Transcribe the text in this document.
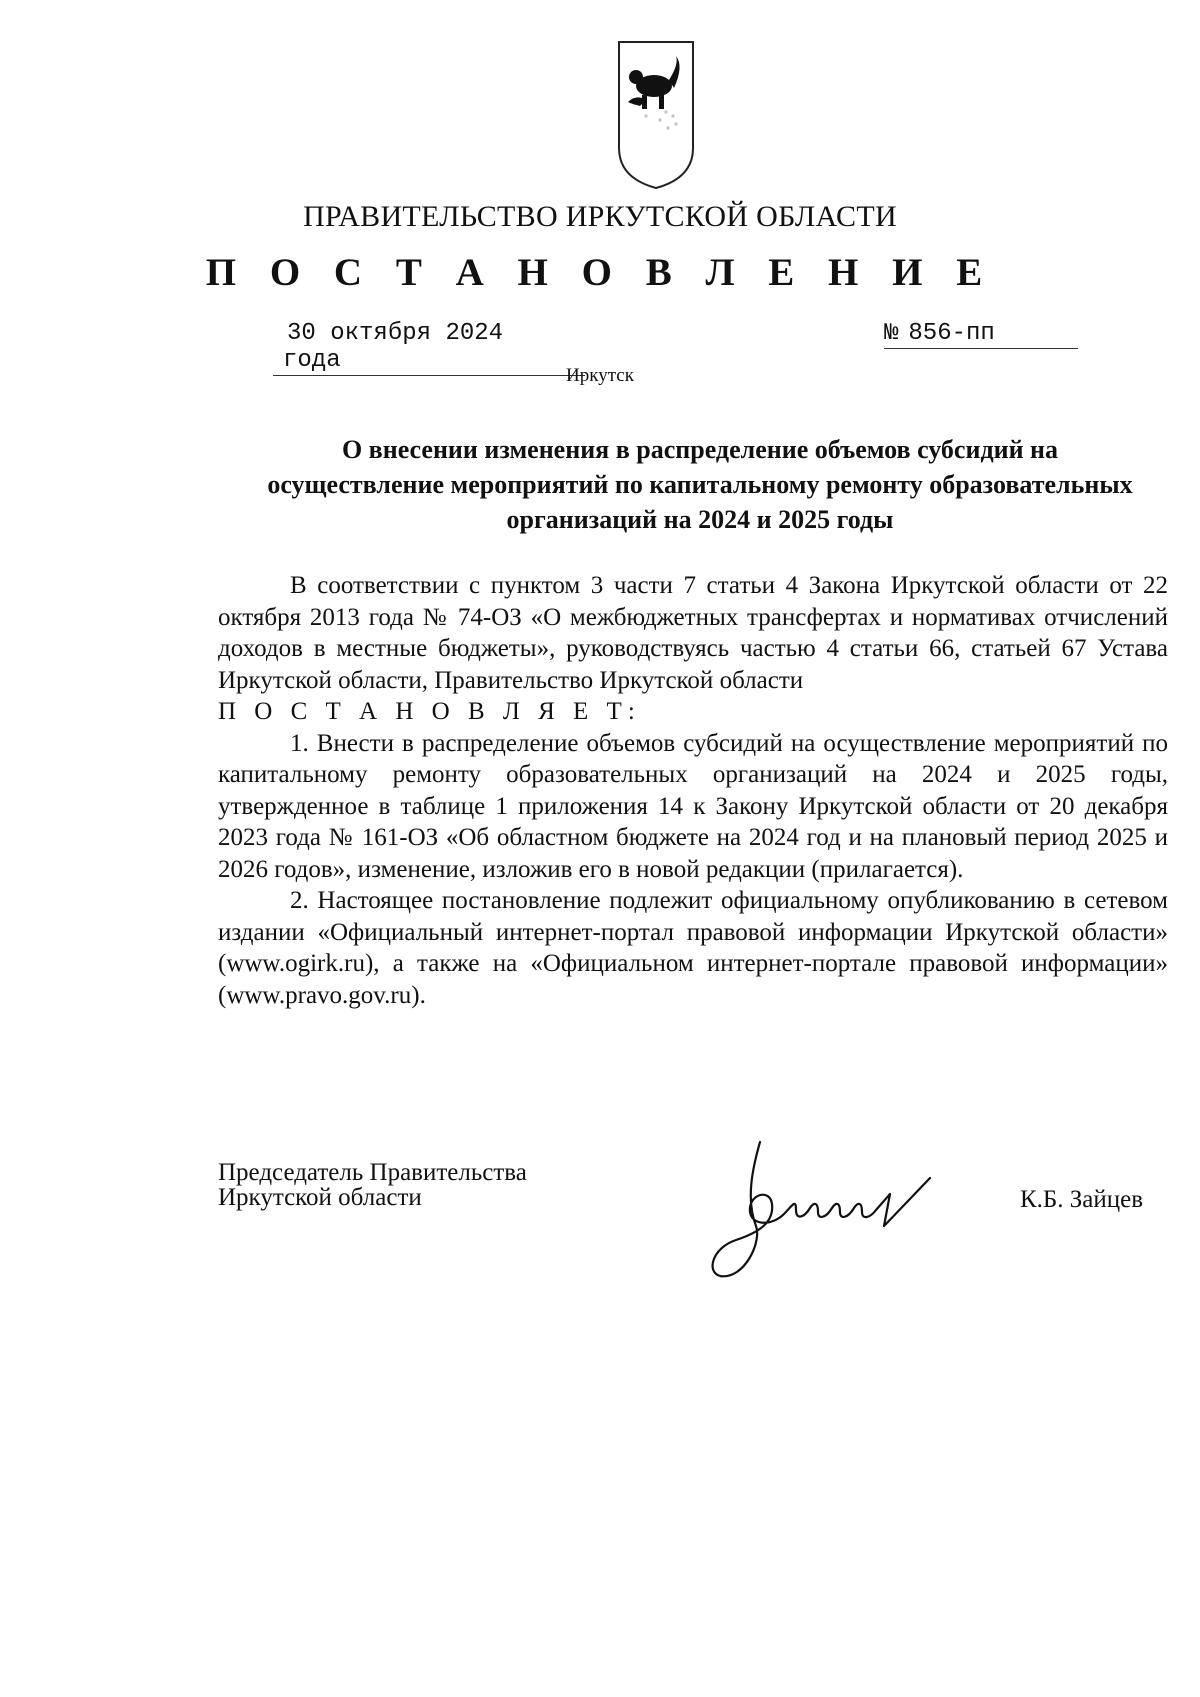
ПРАВИТЕЛЬСТВО ИРКУТСКОЙ ОБЛАСТИ
П О С Т А Н О В Л Е Н И Е
30 октября 2024 года
№ 856-пп
Иркутск
О внесении изменения в распределение объемов субсидий на
осуществление мероприятий по капитальному ремонту образовательных
организаций на 2024 и 2025 годы
В соответствии с пунктом 3 части 7 статьи 4 Закона Иркутской области от 22 октября 2013 года № 74-ОЗ «О межбюджетных трансфертах и нормативах отчислений доходов в местные бюджеты», руководствуясь частью 4 статьи 66, статьей 67 Устава Иркутской области, Правительство Иркутской области
П О С Т А Н О В Л Я Е Т:
1. Внести в распределение объемов субсидий на осуществление мероприятий по капитальному ремонту образовательных организаций на 2024 и 2025 годы, утвержденное в таблице 1 приложения 14 к Закону Иркутской области от 20 декабря 2023 года № 161-ОЗ «Об областном бюджете на 2024 год и на плановый период 2025 и 2026 годов», изменение, изложив его в новой редакции (прилагается).
2. Настоящее постановление подлежит официальному опубликованию в сетевом издании «Официальный интернет-портал правовой информации Иркутской области» (www.ogirk.ru), а также на «Официальном интернет-портале правовой информации» (www.pravo.gov.ru).
Председатель Правительства
Иркутской области	К.Б. Зайцев
